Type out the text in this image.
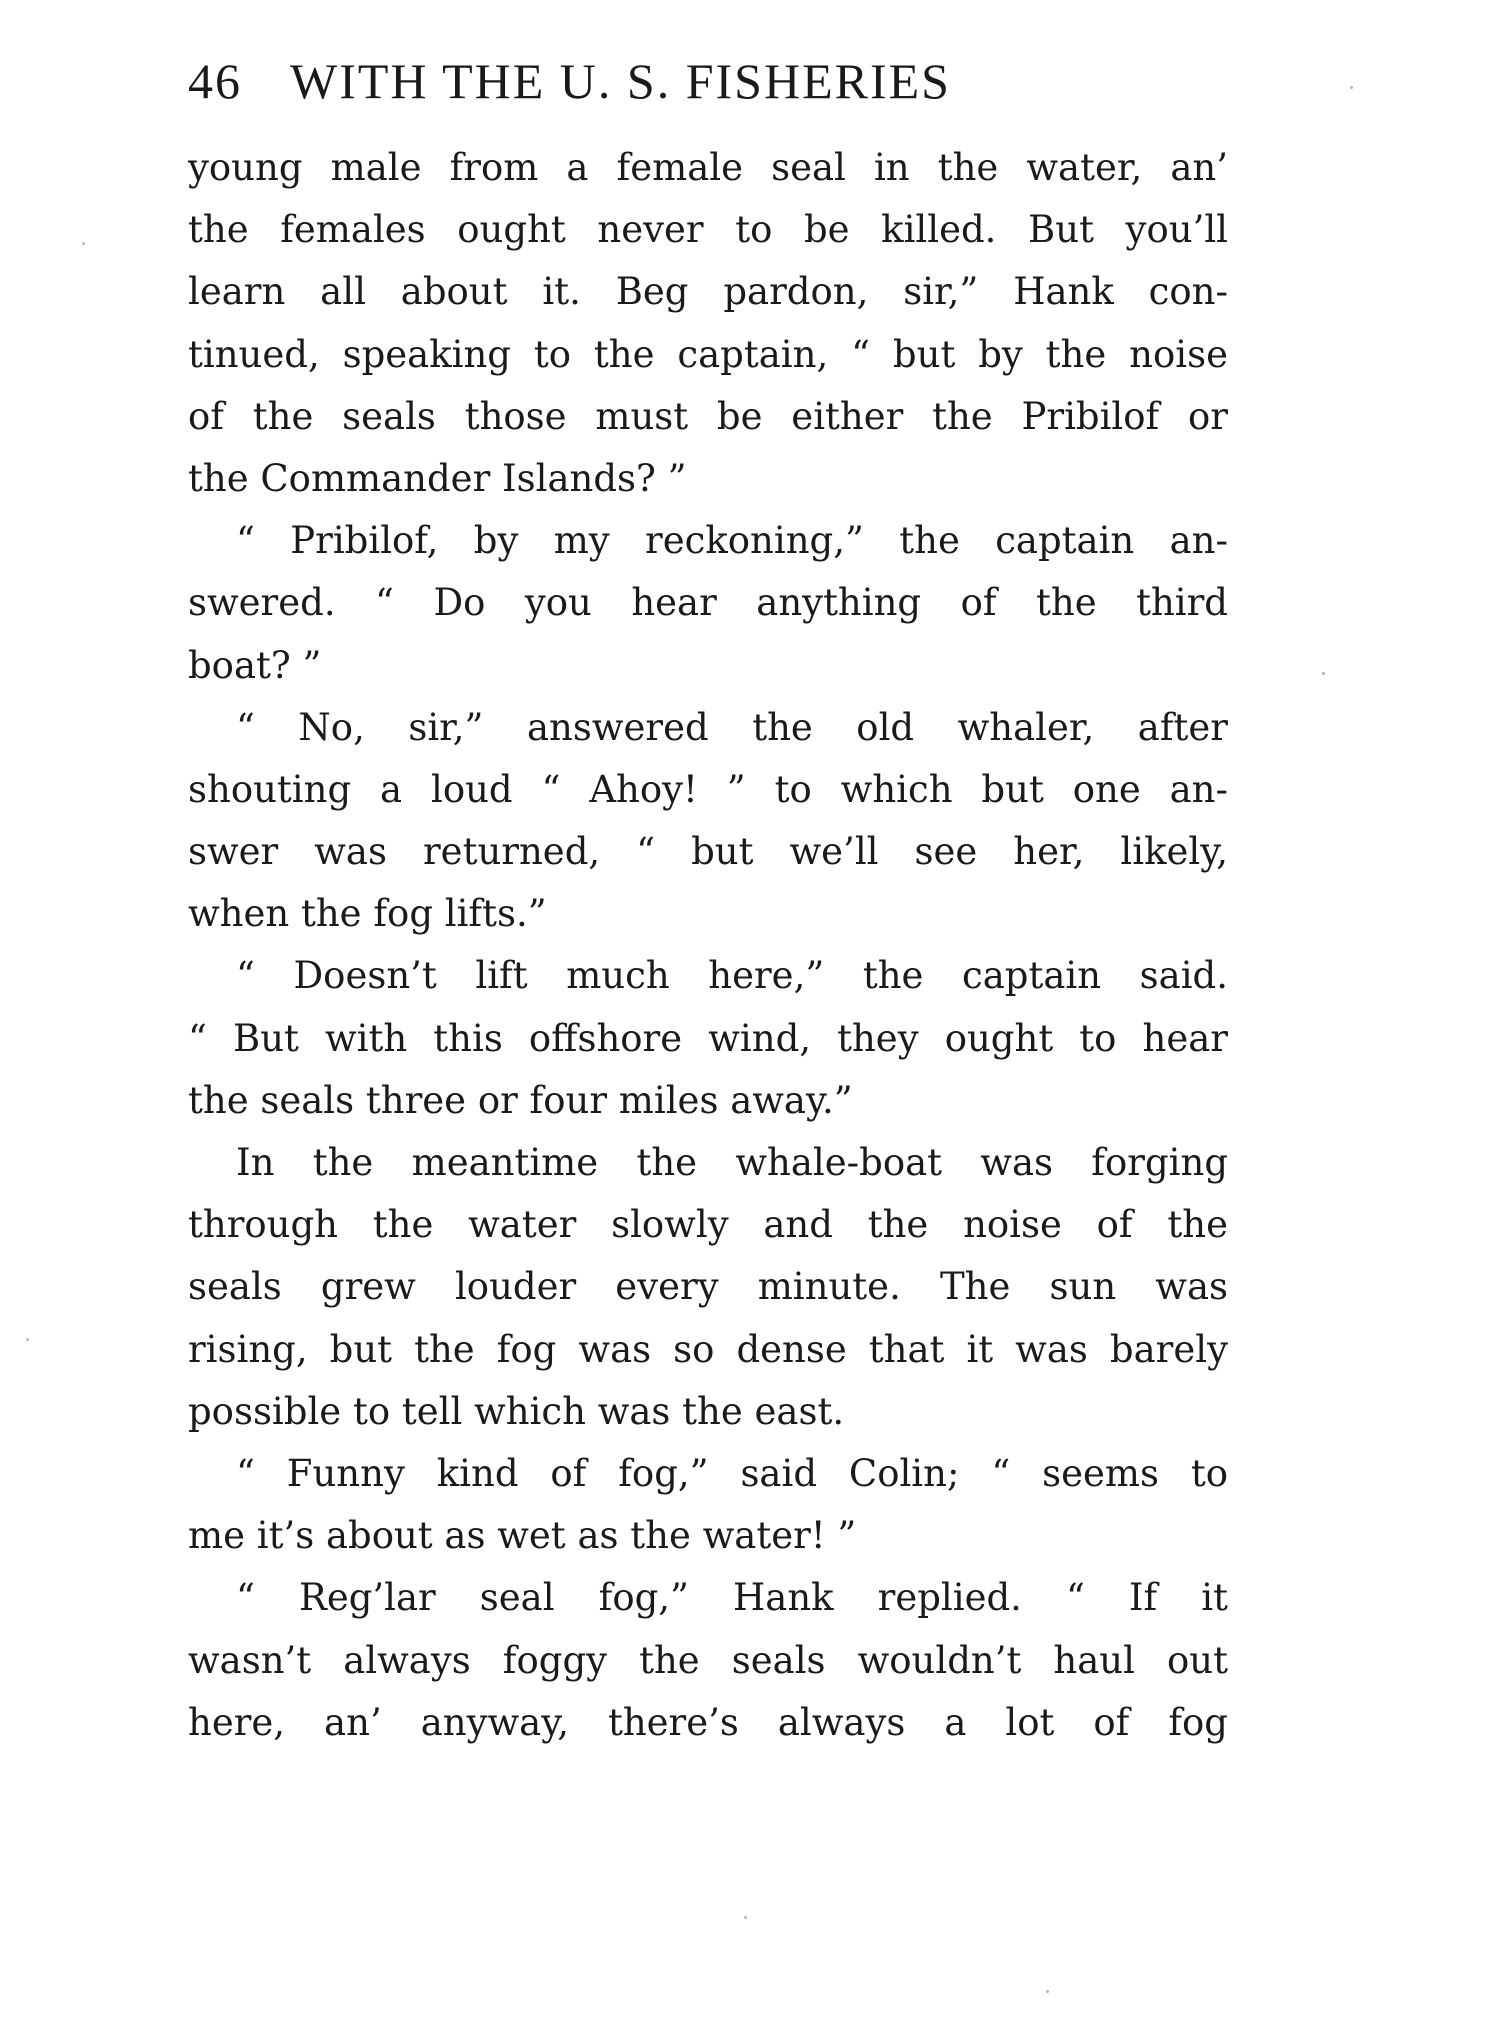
46 WITH THE U. S. FISHERIES
young male from a female seal in the water, an’
the females ought never to be killed. But you’ll
learn all about it. Beg pardon, sir,” Hank con-
tinued, speaking to the captain, “ but by the noise
of the seals those must be either the Pribilof or
the Commander Islands? ”
“ Pribilof, by my reckoning,” the captain an-
swered. “ Do you hear anything of the third
boat? ”
“ No, sir,” answered the old whaler, after
shouting a loud “ Ahoy! ” to which but one an-
swer was returned, “ but we’ll see her, likely,
when the fog lifts.”
“ Doesn’t lift much here,” the captain said.
“ But with this offshore wind, they ought to hear
the seals three or four miles away.”
In the meantime the whale-boat was forging
through the water slowly and the noise of the
seals grew louder every minute. The sun was
rising, but the fog was so dense that it was barely
possible to tell which was the east.
“ Funny kind of fog,” said Colin; “ seems to
me it’s about as wet as the water! ”
“ Reg’lar seal fog,” Hank replied. “ If it
wasn’t always foggy the seals wouldn’t haul out
here, an’ anyway, there’s always a lot of fog
